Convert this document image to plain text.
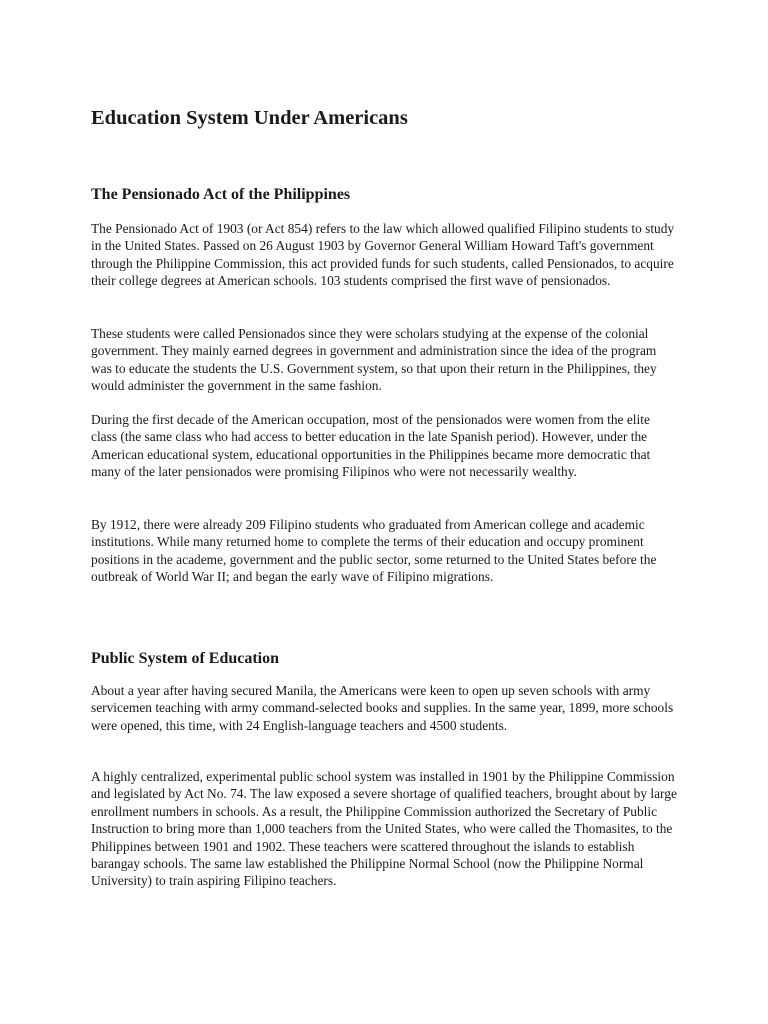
Education System Under Americans
The Pensionado Act of the Philippines

The Pensionado Act of 1903 (or Act 854) refers to the law which allowed qualified Filipino students to study in the United States. Passed on 26 August 1903 by Governor General William Howard Taft's government through the Philippine Commission, this act provided funds for such students, called Pensionados, to acquire their college degrees at American schools. 103 students comprised the first wave of pensionados.

These students were called Pensionados since they were scholars studying at the expense of the colonial government. They mainly earned degrees in government and administration since the idea of the program was to educate the students the U.S. Government system, so that upon their return in the Philippines, they would administer the government in the same fashion.

During the first decade of the American occupation, most of the pensionados were women from the elite class (the same class who had access to better education in the late Spanish period). However, under the American educational system, educational opportunities in the Philippines became more democratic that many of the later pensionados were promising Filipinos who were not necessarily wealthy.

By 1912, there were already 209 Filipino students who graduated from American college and academic institutions. While many returned home to complete the terms of their education and occupy prominent positions in the academe, government and the public sector, some returned to the United States before the outbreak of World War II; and began the early wave of Filipino migrations.

Public System of Education

About a year after having secured Manila, the Americans were keen to open up seven schools with army servicemen teaching with army command-selected books and supplies. In the same year, 1899, more schools were opened, this time, with 24 English-language teachers and 4500 students.

A highly centralized, experimental public school system was installed in 1901 by the Philippine Commission and legislated by Act No. 74. The law exposed a severe shortage of qualified teachers, brought about by large enrollment numbers in schools. As a result, the Philippine Commission authorized the Secretary of Public Instruction to bring more than 1,000 teachers from the United States, who were called the Thomasites, to the Philippines between 1901 and 1902. These teachers were scattered throughout the islands to establish barangay schools. The same law established the Philippine Normal School (now the Philippine Normal University) to train aspiring Filipino teachers.
